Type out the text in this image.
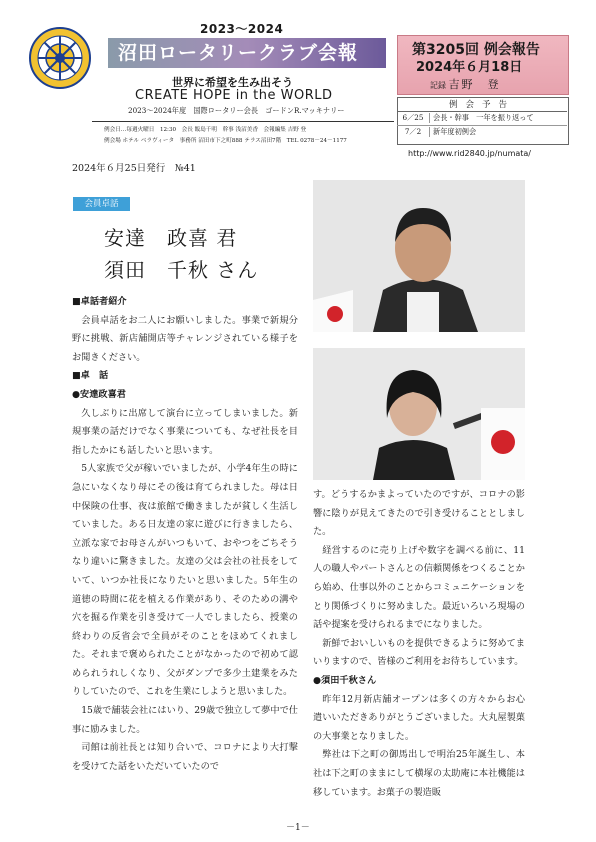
2023～2024
沼田ロータリークラブ会報
世界に希望を生み出そう
CREATE HOPE in the WORLD
2023～2024年度　国際ロータリー会長　ゴードンR.マッキナリー
例会日…毎週火曜日　12:30　会長 飯島千明　幹事 浅沼美香　会報編集 吉野 登
例会場 ホテル ベラヴィータ　事務所 沼田市下之町888 テラス沼田7階　TEL 0278－24－1177
第3205回 例会報告
2024年６月18日
記録 吉野　登
例会予告
6／25 会長・幹事　一年を振り返って
7／2 新年度初例会
http://www.rid2840.jp/numata/
2024年６月25日発行　№41
会員卓話
安達　政喜 君
須田　千秋 さん
■卓話者紹介

会員卓話をお二人にお願いしました。事業で新規分野に挑戦、新店舗開店等チャレンジされている様子をお聞きください。

■卓　話
●安達政喜君

久しぶりに出席して演台に立ってしまいました。新規事業の話だけでなく事業についても、なぜ社長を目指したかにも話したいと思います。

5人家族で父が稼いでいましたが、小学4年生の時に急にいなくなり母にその後は育てられました。母は日中保険の仕事、夜は旅館で働きましたが貧しく生活していました。ある日友達の家に遊びに行きましたら、立派な家でお母さんがいつもいて、おやつをごちそうなり違いに驚きました。友達の父は会社の社長をしていて、いつか社長になりたいと思いました。5年生の道徳の時間に花を植える作業があり、そのための溝や穴を掘る作業を引き受けて一人でしましたら、授業の終わりの反省会で全員がそのことをほめてくれました。それまで褒められたことがなかったので初めて認められうれしくなり、父がダンプで多少土建業をみたりしていたので、これを生業にしようと思いました。

15歳で舗装会社にはいり、29歳で独立して夢中で仕事に励みました。

司館は前社長とは知り合いで、コロナにより大打撃を受けてた話をいただいていたので

す。どうするかまよっていたのですが、コロナの影響に陰りが見えてきたので引き受けることとしました。

経営するのに売り上げや数字を調べる前に、11人の職人やパートさんとの信頼関係をつくることから始め、仕事以外のことからコミュニケーションをとり関係づくりに努めました。最近いろいろ現場の話や提案を受けられるまでになりました。

新鮮でおいしいものを提供できるように努めてまいりますので、皆様のご利用をお待ちしています。

●須田千秋さん

昨年12月新店舗オープンは多くの方々からお心遣いいただきありがとうございました。大丸屋製菓の大事業となりました。

弊社は下之町の御馬出しで明治25年誕生し、本社は下之町のままにして横塚の太助庵に本社機能は移しています。お菓子の製造販

－1－
